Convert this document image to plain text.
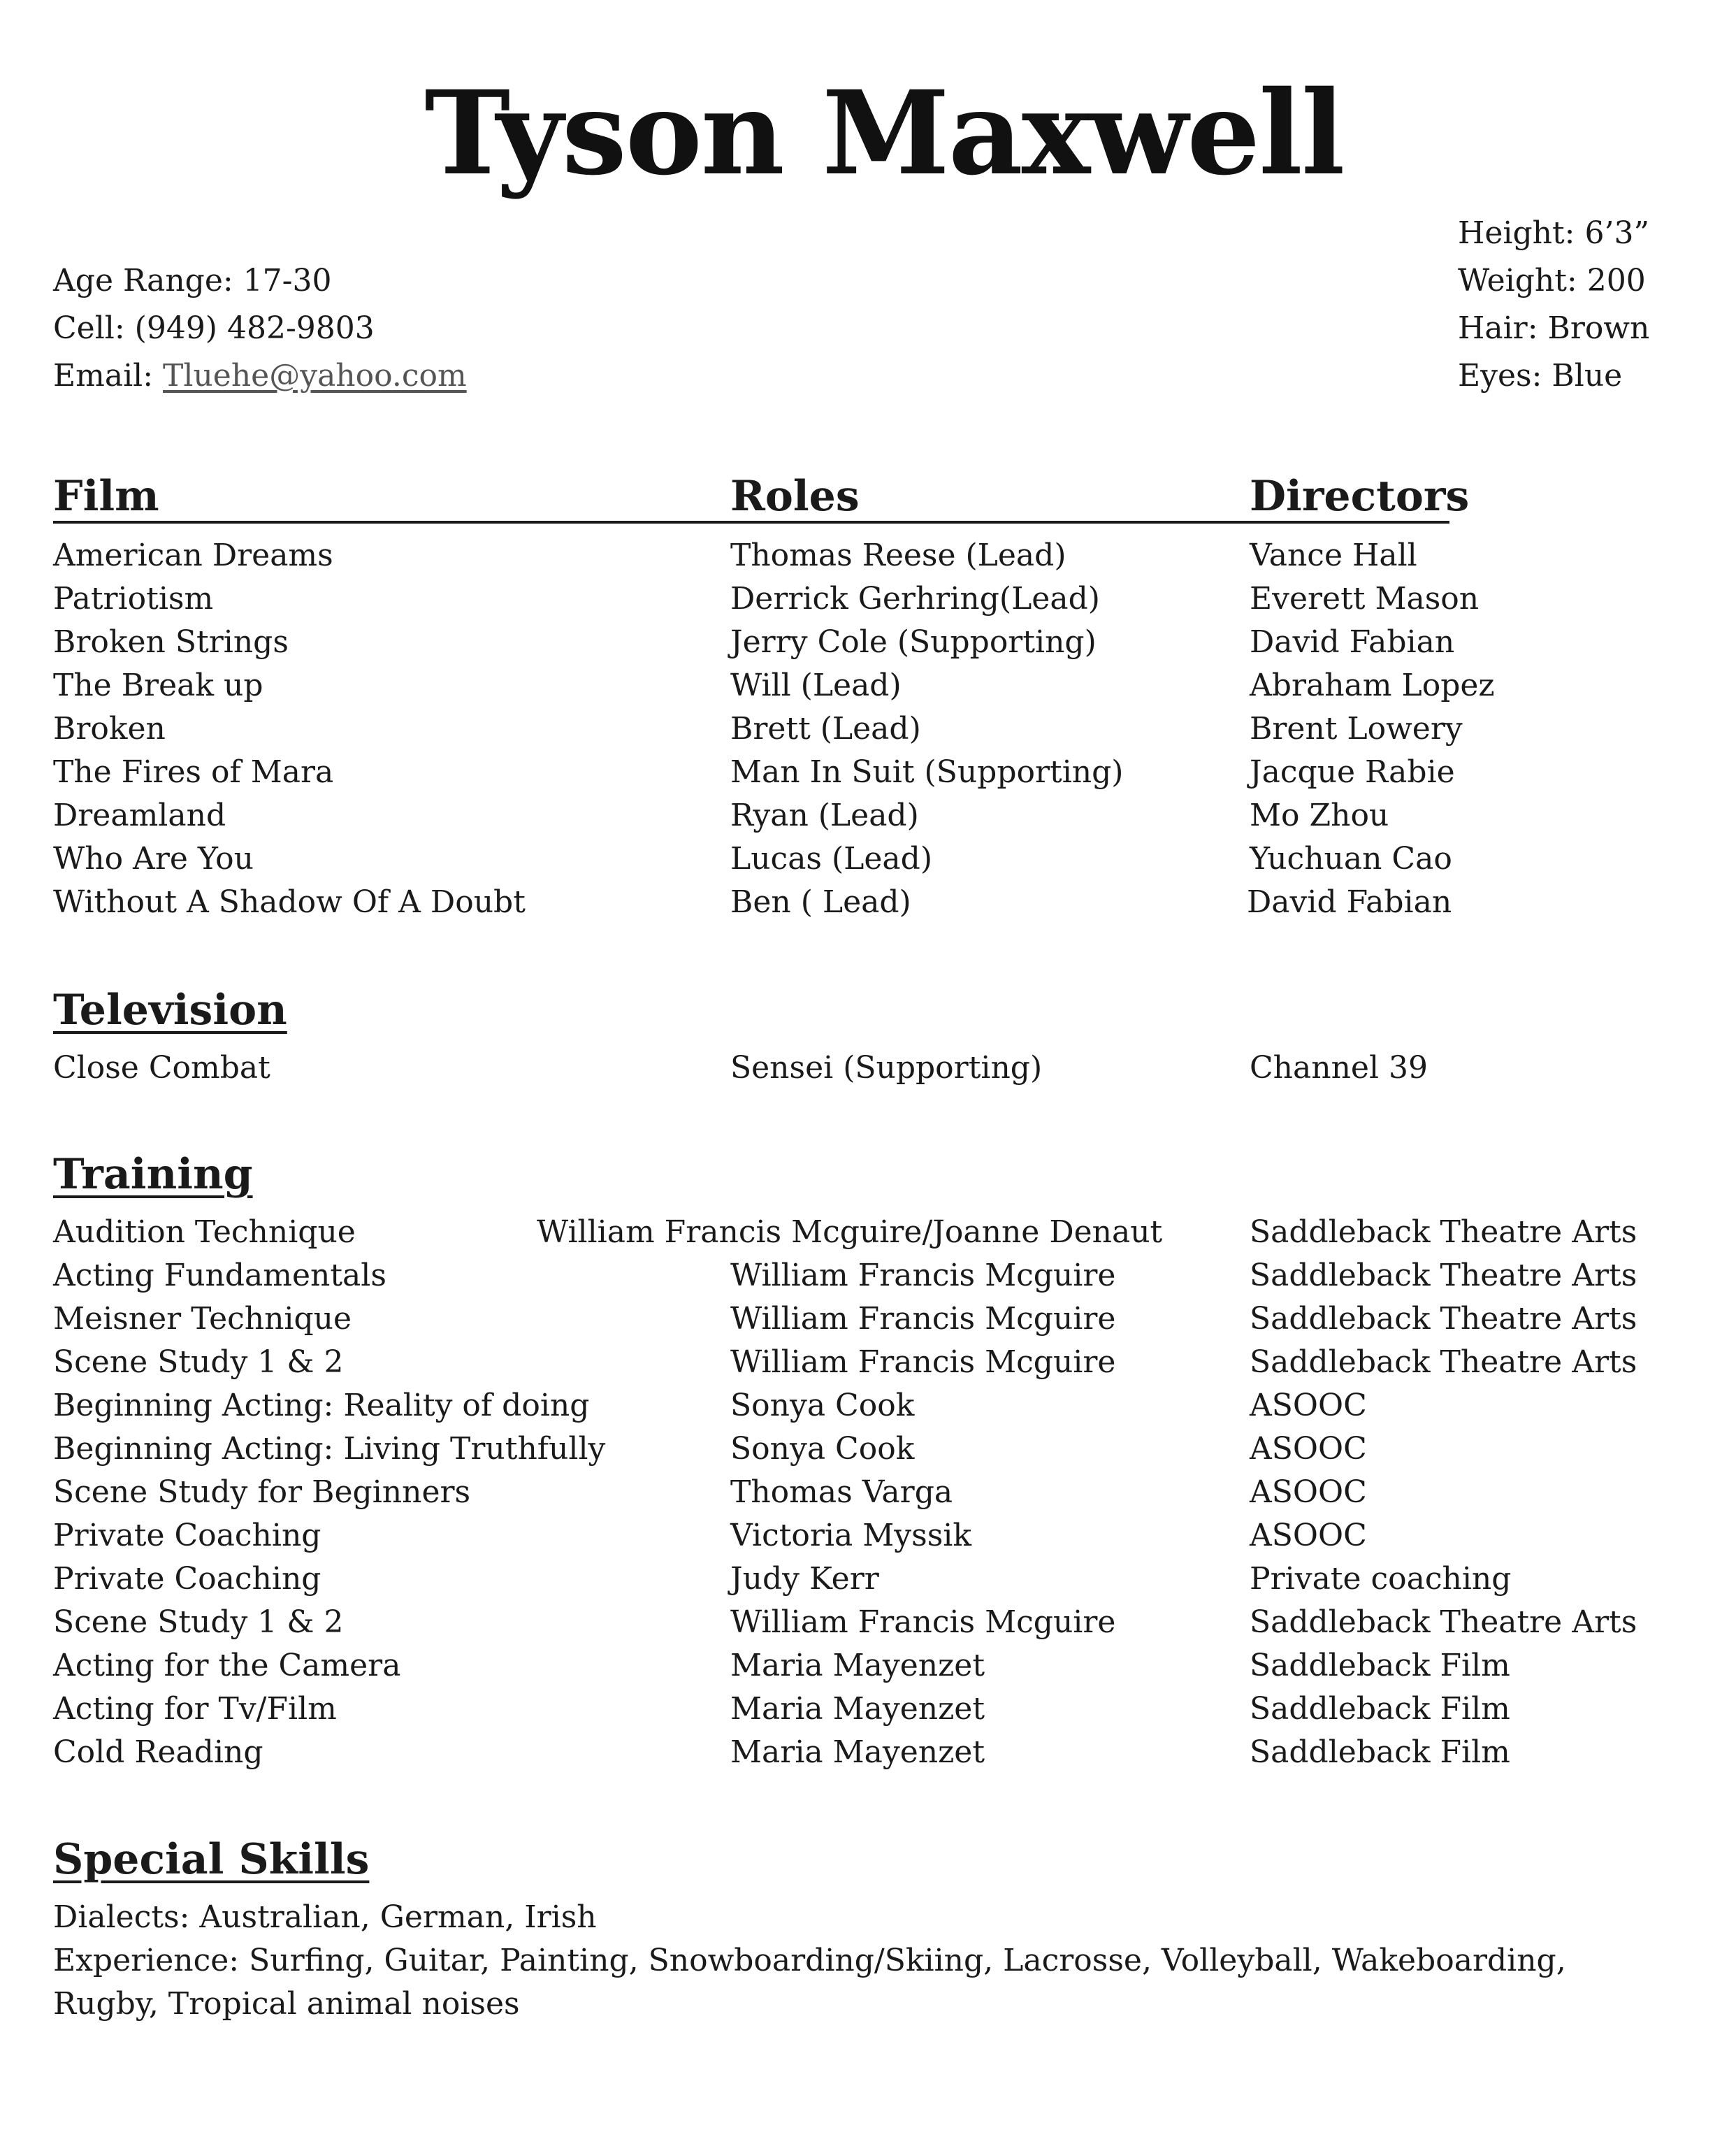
Tyson Maxwell
Age Range: 17-30
Cell: (949) 482-9803
Email: Tluehe@yahoo.com
Height: 6’3”
Weight: 200
Hair: Brown
Eyes: Blue
Film	Roles	Directors
American Dreams	Thomas Reese (Lead)	Vance Hall
Patriotism	Derrick Gerhring(Lead)	Everett Mason
Broken Strings	Jerry Cole (Supporting)	David Fabian
The Break up	Will (Lead)	Abraham Lopez
Broken	Brett (Lead)	Brent Lowery
The Fires of Mara	Man In Suit (Supporting)	Jacque Rabie
Dreamland	Ryan (Lead)	Mo Zhou
Who Are You	Lucas (Lead)	Yuchuan Cao
Without A Shadow Of A Doubt	Ben ( Lead)	David Fabian
Television
Close Combat	Sensei (Supporting)	Channel 39
Training
Audition Technique	William Francis Mcguire/Joanne Denaut	Saddleback Theatre Arts
Acting Fundamentals	William Francis Mcguire	Saddleback Theatre Arts
Meisner Technique	William Francis Mcguire	Saddleback Theatre Arts
Scene Study 1 & 2	William Francis Mcguire	Saddleback Theatre Arts
Beginning Acting: Reality of doing	Sonya Cook	ASOOC
Beginning Acting: Living Truthfully	Sonya Cook	ASOOC
Scene Study for Beginners	Thomas Varga	ASOOC
Private Coaching	Victoria Myssik	ASOOC
Private Coaching	Judy Kerr	Private coaching
Scene Study 1 & 2	William Francis Mcguire	Saddleback Theatre Arts
Acting for the Camera	Maria Mayenzet	Saddleback Film
Acting for Tv/Film	Maria Mayenzet	Saddleback Film
Cold Reading	Maria Mayenzet	Saddleback Film
Special Skills
Dialects: Australian, German, Irish
Experience: Surfing, Guitar, Painting, Snowboarding/Skiing, Lacrosse, Volleyball, Wakeboarding, Rugby, Tropical animal noises
